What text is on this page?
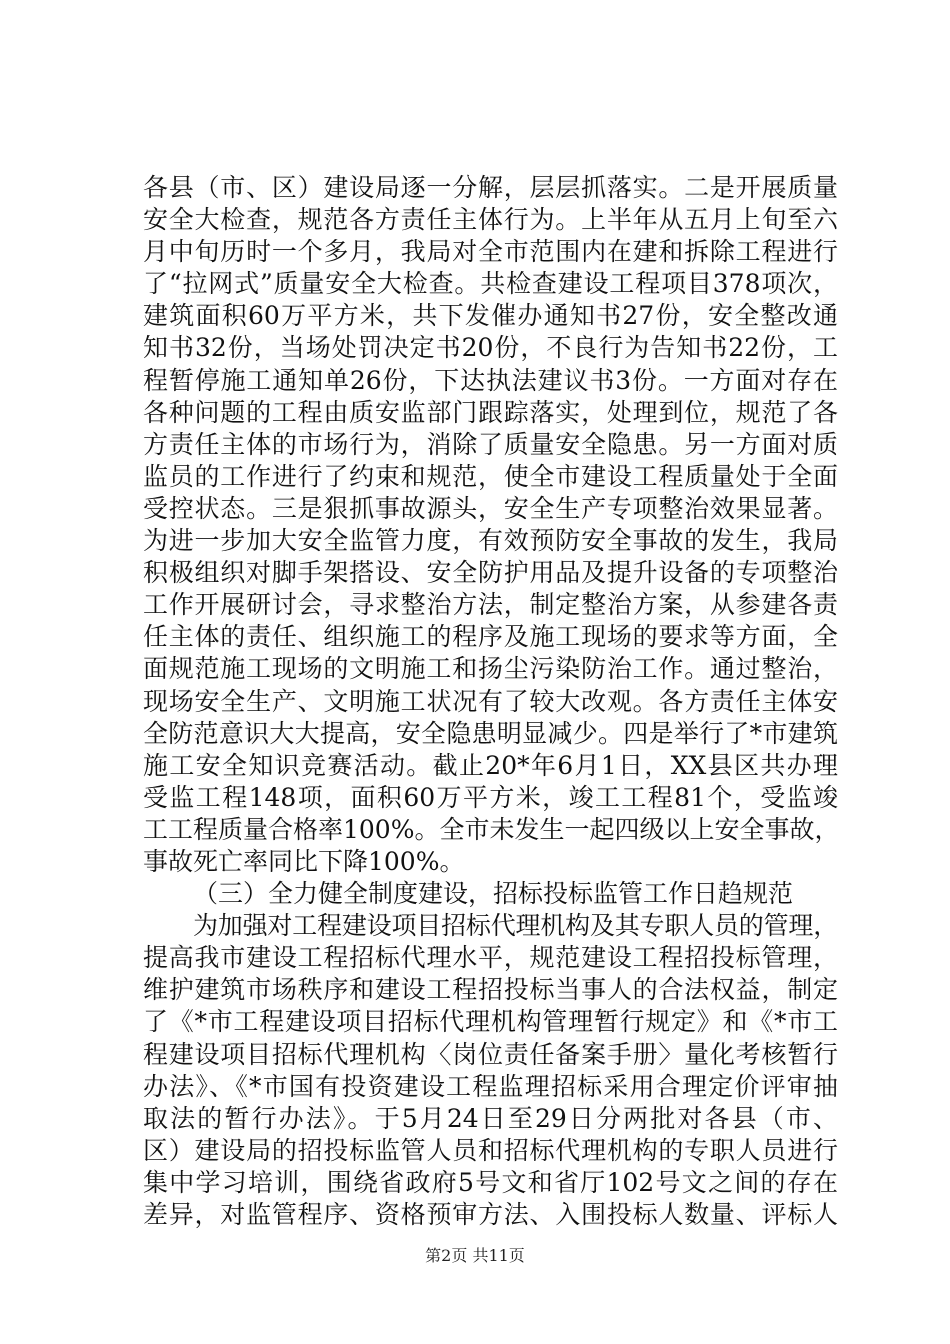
各县（市、区）建设局逐一分解，层层抓落实。二是开展质量
安全大检查，规范各方责任主体行为。上半年从五月上旬至六
月中旬历时一个多月，我局对全市范围内在建和拆除工程进行
了“拉网式”质量安全大检查。共检查建设工程项目378项次，
建筑面积60万平方米，共下发催办通知书27份，安全整改通
知书32份，当场处罚决定书20份，不良行为告知书22份，工
程暂停施工通知单26份，下达执法建议书3份。一方面对存在
各种问题的工程由质安监部门跟踪落实，处理到位，规范了各
方责任主体的市场行为，消除了质量安全隐患。另一方面对质
监员的工作进行了约束和规范，使全市建设工程质量处于全面
受控状态。三是狠抓事故源头，安全生产专项整治效果显著。
为进一步加大安全监管力度，有效预防安全事故的发生，我局
积极组织对脚手架搭设、安全防护用品及提升设备的专项整治
工作开展研讨会，寻求整治方法，制定整治方案，从参建各责
任主体的责任、组织施工的程序及施工现场的要求等方面，全
面规范施工现场的文明施工和扬尘污染防治工作。通过整治，
现场安全生产、文明施工状况有了较大改观。各方责任主体安
全防范意识大大提高，安全隐患明显减少。四是举行了*市建筑
施工安全知识竞赛活动。截止20*年6月1日，XX县区共办理
受监工程148项，面积60万平方米，竣工工程81个，受监竣
工工程质量合格率100%。全市未发生一起四级以上安全事故，
事故死亡率同比下降100%。
（三）全力健全制度建设，招标投标监管工作日趋规范
为加强对工程建设项目招标代理机构及其专职人员的管理，
提高我市建设工程招标代理水平，规范建设工程招投标管理，
维护建筑市场秩序和建设工程招投标当事人的合法权益，制定
了《*市工程建设项目招标代理机构管理暂行规定》和《*市工
程建设项目招标代理机构〈岗位责任备案手册〉量化考核暂行
办法》、《*市国有投资建设工程监理招标采用合理定价评审抽
取法的暂行办法》。于5月24日至29日分两批对各县（市、
区）建设局的招投标监管人员和招标代理机构的专职人员进行
集中学习培训，围绕省政府5号文和省厅102号文之间的存在
差异，对监管程序、资格预审方法、入围投标人数量、评标人
第2页 共11页
